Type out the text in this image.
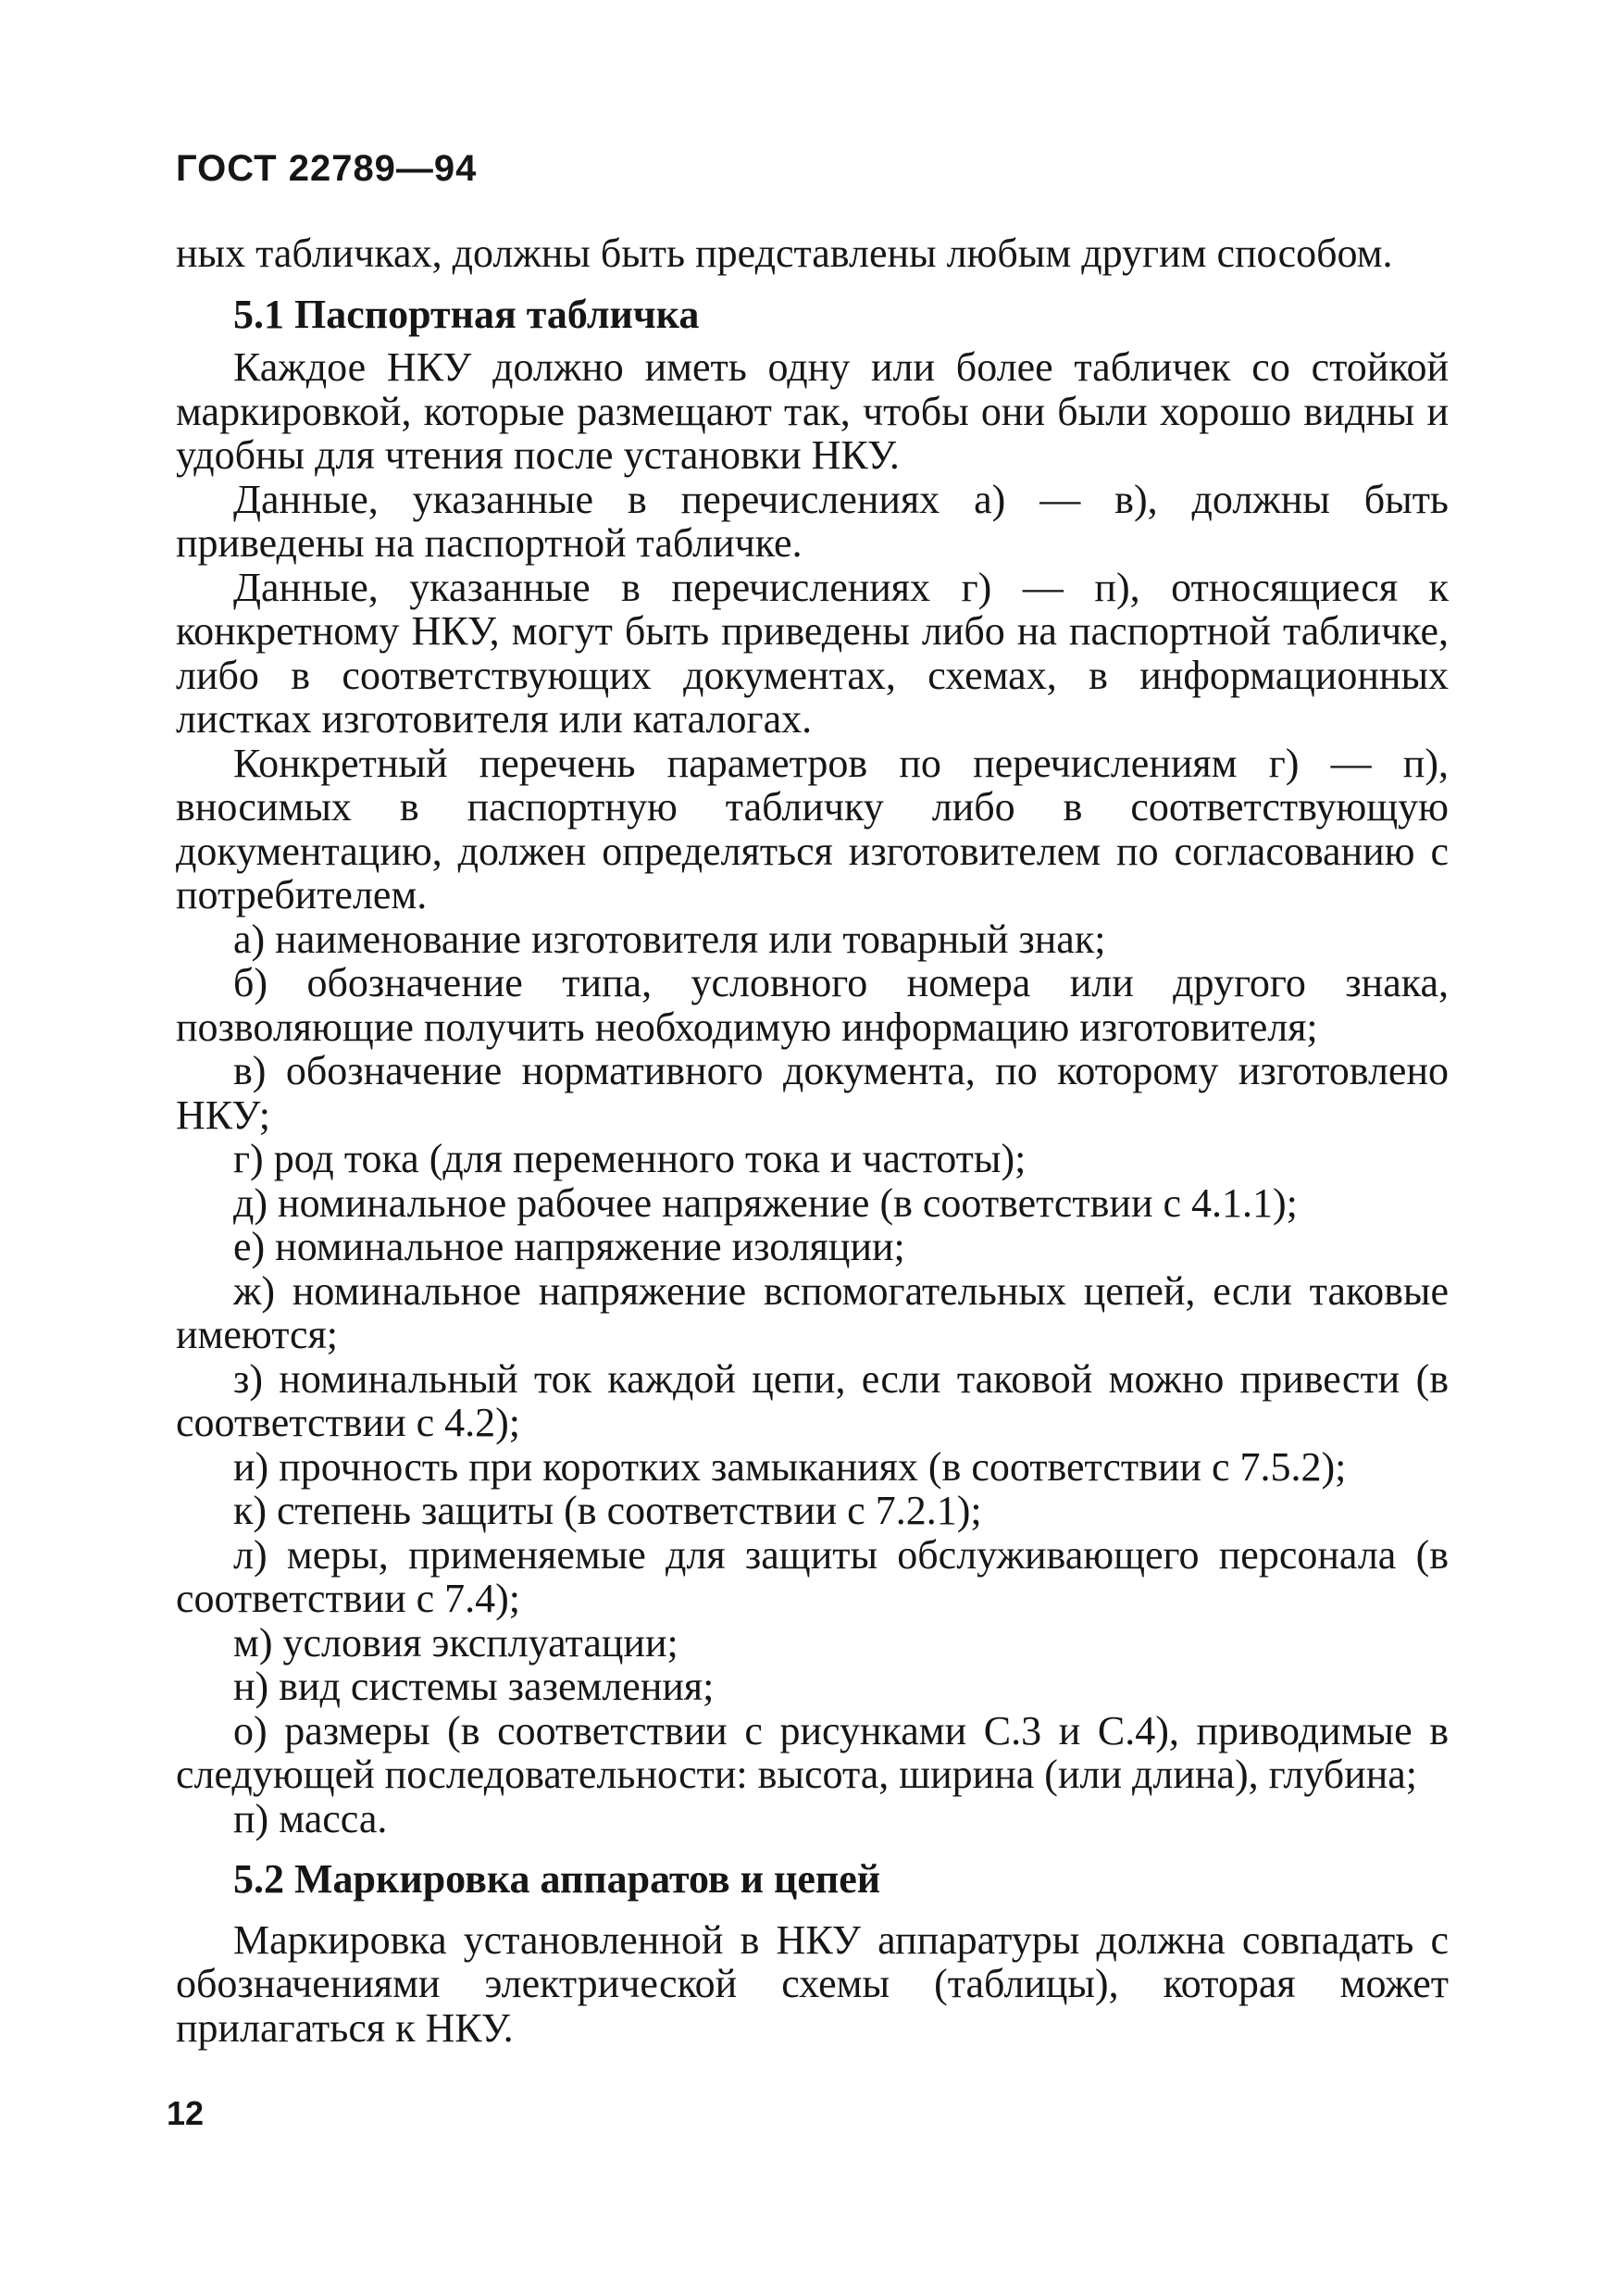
ГОСТ 22789—94

ных табличках, должны быть представлены любым другим способом.

5.1 Паспортная табличка

Каждое НКУ должно иметь одну или более табличек со стойкой маркировкой, которые размещают так, чтобы они были хорошо видны и удобны для чтения после установки НКУ.

Данные, указанные в перечислениях а) — в), должны быть приведены на паспортной табличке.

Данные, указанные в перечислениях г) — п), относящиеся к конкретному НКУ, могут быть приведены либо на паспортной табличке, либо в соответствующих документах, схемах, в информационных листках изготовителя или каталогах.

Конкретный перечень параметров по перечислениям г) — п), вносимых в паспортную табличку либо в соответствующую документацию, должен определяться изготовителем по согласованию с потребителем.

а) наименование изготовителя или товарный знак;
б) обозначение типа, условного номера или другого знака, позволяющие получить необходимую информацию изготовителя;
в) обозначение нормативного документа, по которому изготовлено НКУ;
г) род тока (для переменного тока и частоты);
д) номинальное рабочее напряжение (в соответствии с 4.1.1);
е) номинальное напряжение изоляции;
ж) номинальное напряжение вспомогательных цепей, если таковые имеются;
з) номинальный ток каждой цепи, если таковой можно привести (в соответствии с 4.2);
и) прочность при коротких замыканиях (в соответствии с 7.5.2);
к) степень защиты (в соответствии с 7.2.1);
л) меры, применяемые для защиты обслуживающего персонала (в соответствии с 7.4);
м) условия эксплуатации;
н) вид системы заземления;
о) размеры (в соответствии с рисунками С.3 и С.4), приводимые в следующей последовательности: высота, ширина (или длина), глубина;
п) масса.
5.2 Маркировка аппаратов и цепей

Маркировка установленной в НКУ аппаратуры должна совпадать с обозначениями электрической схемы (таблицы), которая может прилагаться к НКУ.

12
